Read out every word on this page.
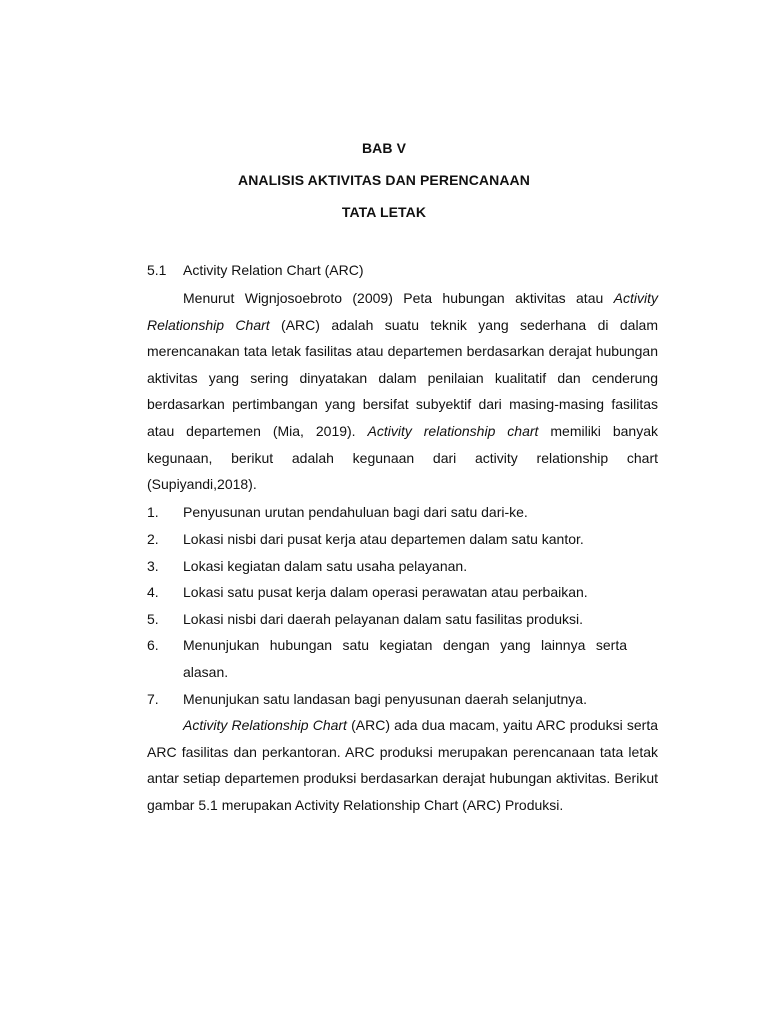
BAB V
ANALISIS AKTIVITAS DAN PERENCANAAN
TATA LETAK
5.1 Activity Relation Chart (ARC)

Menurut Wignjosoebroto (2009) Peta hubungan aktivitas atau Activity Relationship Chart (ARC) adalah suatu teknik yang sederhana di dalam merencanakan tata letak fasilitas atau departemen berdasarkan derajat hubungan aktivitas yang sering dinyatakan dalam penilaian kualitatif dan cenderung berdasarkan pertimbangan yang bersifat subyektif dari masing-masing fasilitas atau departemen (Mia, 2019). Activity relationship chart memiliki banyak kegunaan, berikut adalah kegunaan dari activity relationship chart (Supiyandi,2018).

1. Penyusunan urutan pendahuluan bagi dari satu dari-ke.
2. Lokasi nisbi dari pusat kerja atau departemen dalam satu kantor.
3. Lokasi kegiatan dalam satu usaha pelayanan.
4. Lokasi satu pusat kerja dalam operasi perawatan atau perbaikan.
5. Lokasi nisbi dari daerah pelayanan dalam satu fasilitas produksi.
6. Menunjukan hubungan satu kegiatan dengan yang lainnya serta alasan.
7. Menunjukan satu landasan bagi penyusunan daerah selanjutnya.

Activity Relationship Chart (ARC) ada dua macam, yaitu ARC produksi serta ARC fasilitas dan perkantoran. ARC produksi merupakan perencanaan tata letak antar setiap departemen produksi berdasarkan derajat hubungan aktivitas. Berikut gambar 5.1 merupakan Activity Relationship Chart (ARC) Produksi.
